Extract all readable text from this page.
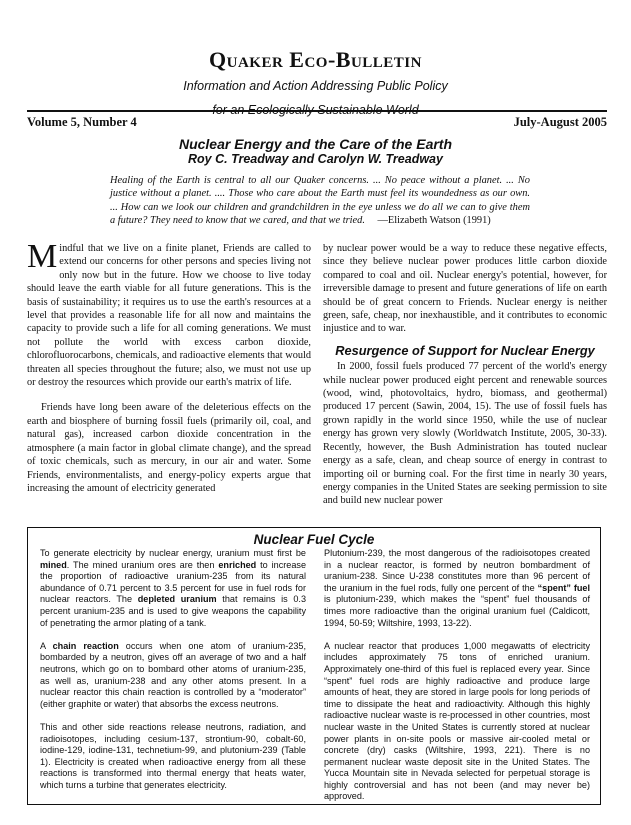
Quaker Eco-Bulletin
Information and Action Addressing Public Policy
for an Ecologically Sustainable World
Volume 5, Number 4	July-August 2005
Nuclear Energy and the Care of the Earth
Roy C. Treadway and Carolyn W. Treadway
Healing of the Earth is central to all our Quaker concerns. ... No peace without a planet. ... No justice without a planet. .... Those who care about the Earth must feel its woundedness as our own. ... How can we look our children and grandchildren in the eye unless we do all we can to give them a future? They need to know that we cared, and that we tried. —Elizabeth Watson (1991)

Mindful that we live on a finite planet, Friends are called to extend our concerns for other persons and species living not only now but in the future. How we choose to live today should leave the earth viable for all future generations. This is the basis of sustainability; it requires us to use the earth's resources at a level that provides a reasonable life for all now and maintains the capacity to provide such a life for all coming generations. We must not pollute the world with excess carbon dioxide, chlorofluorocarbons, chemicals, and radioactive elements that would threaten all species throughout the future; also, we must not use up or destroy the resources which provide our earth's matrix of life.

Friends have long been aware of the deleterious effects on the earth and biosphere of burning fossil fuels (primarily oil, coal, and natural gas), increased carbon dioxide concentration in the atmosphere (a main factor in global climate change), and the spread of toxic chemicals, such as mercury, in our air and water. Some Friends, environmentalists, and energy-policy experts argue that increasing the amount of electricity generated

by nuclear power would be a way to reduce these negative effects, since they believe nuclear power produces little carbon dioxide compared to coal and oil. Nuclear energy's potential, however, for irreversible damage to present and future generations of life on earth should be of great concern to Friends. Nuclear energy is neither green, safe, cheap, nor inexhaustible, and it contributes to economic injustice and to war.

Resurgence of Support for Nuclear Energy

In 2000, fossil fuels produced 77 percent of the world's energy while nuclear power produced eight percent and renewable sources (wood, wind, photovoltaics, hydro, biomass, and geothermal) produced 17 percent (Sawin, 2004, 15). The use of fossil fuels has grown rapidly in the world since 1950, while the use of nuclear energy has grown very slowly (Worldwatch Institute, 2005, 30-33). Recently, however, the Bush Administration has touted nuclear energy as a safe, clean, and cheap source of energy in contrast to importing oil or burning coal. For the first time in nearly 30 years, energy companies in the United States are seeking permission to site and build new nuclear power

Nuclear Fuel Cycle

To generate electricity by nuclear energy, uranium must first be mined. The mined uranium ores are then enriched to increase the proportion of radioactive uranium-235 from its natural abundance of 0.71 percent to 3.5 percent for use in fuel rods for nuclear reactors. The depleted uranium that remains is 0.3 percent uranium-235 and is used to give weapons the capability of penetrating the armor plating of a tank.

A chain reaction occurs when one atom of uranium-235, bombarded by a neutron, gives off an average of two and a half neutrons, which go on to bombard other atoms of uranium-235, as well as, uranium-238 and any other atoms present. In a nuclear reactor this chain reaction is controlled by a “moderator” (either graphite or water) that absorbs the excess neutrons.

This and other side reactions release neutrons, radiation, and radioisotopes, including cesium-137, strontium-90, cobalt-60, iodine-129, iodine-131, technetium-99, and plutonium-239 (Table 1). Electricity is created when radioactive energy from all these reactions is transformed into thermal energy that heats water, which turns a turbine that generates electricity.

Plutonium-239, the most dangerous of the radioisotopes created in a nuclear reactor, is formed by neutron bombardment of uranium-238. Since U-238 constitutes more than 96 percent of the uranium in the fuel rods, fully one percent of the “spent” fuel is plutonium-239, which makes the “spent” fuel thousands of times more radioactive than the original uranium fuel (Caldicott, 1994, 50-59; Wiltshire, 1993, 13-22).

A nuclear reactor that produces 1,000 megawatts of electricity includes approximately 75 tons of enriched uranium. Approximately one-third of this fuel is replaced every year. Since “spent” fuel rods are highly radioactive and produce large amounts of heat, they are stored in large pools for long periods of time to dissipate the heat and radioactivity. Although this highly radioactive nuclear waste is re-processed in other countries, most nuclear waste in the United States is currently stored at nuclear power plants in on-site pools or massive air-cooled metal or concrete (dry) casks (Wiltshire, 1993, 221). There is no permanent nuclear waste deposit site in the United States. The Yucca Mountain site in Nevada selected for perpetual storage is highly controversial and has not been (and may never be) approved.
